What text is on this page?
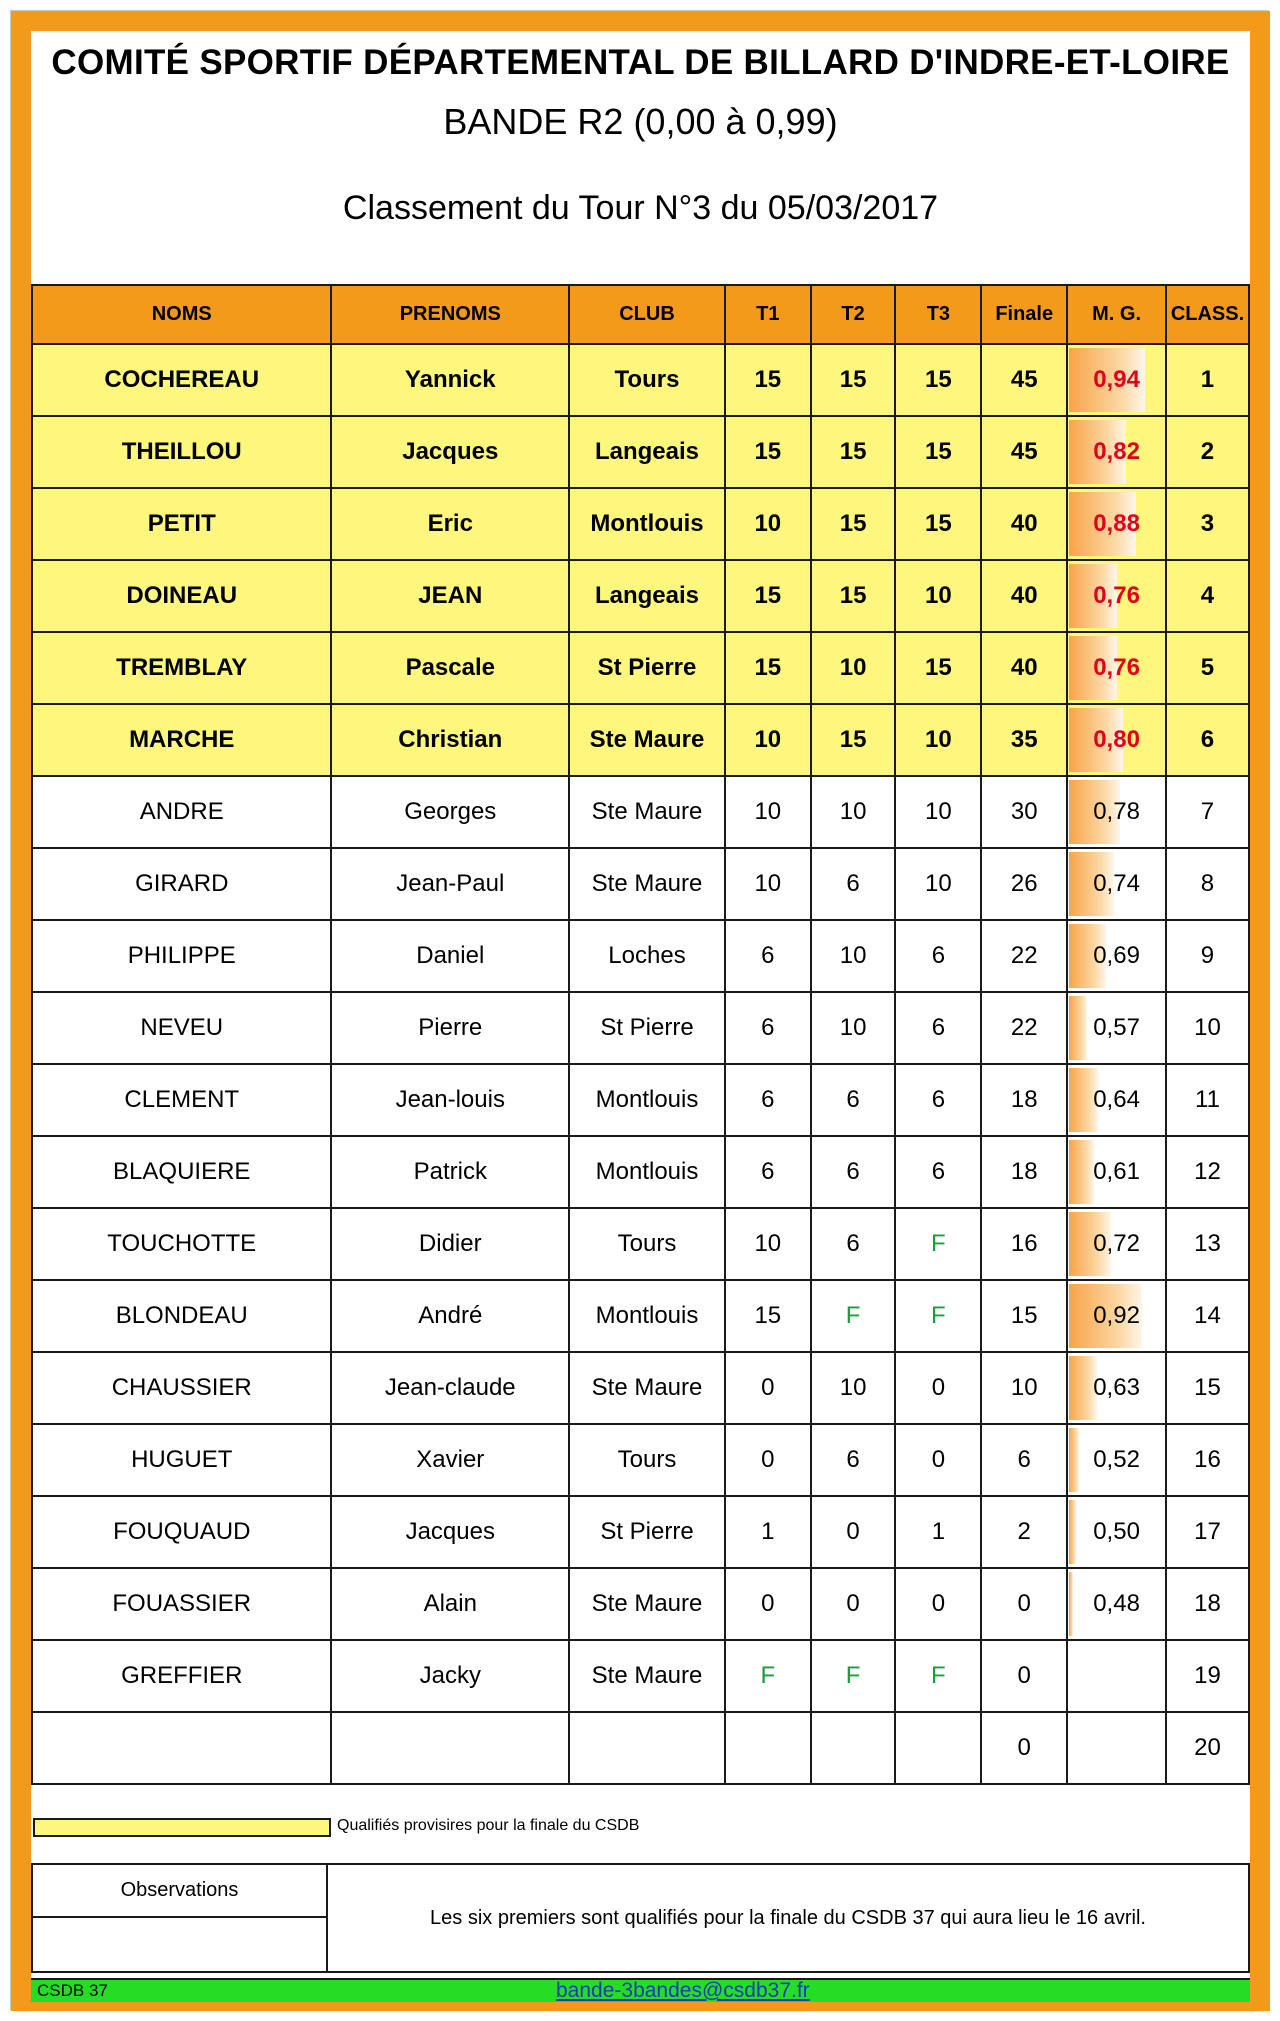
COMITÉ SPORTIF DÉPARTEMENTAL DE BILLARD D'INDRE-ET-LOIRE
BANDE R2 (0,00 à 0,99)
Classement du Tour N°3 du 05/03/2017
NOMS	PRENOMS	CLUB	T1	T2	T3	Finale	M. G.	CLASS.
COCHEREAU	Yannick	Tours	15	15	15	45	0,94	1
THEILLOU	Jacques	Langeais	15	15	15	45	0,82	2
PETIT	Eric	Montlouis	10	15	15	40	0,88	3
DOINEAU	JEAN	Langeais	15	15	10	40	0,76	4
TREMBLAY	Pascale	St Pierre	15	10	15	40	0,76	5
MARCHE	Christian	Ste Maure	10	15	10	35	0,80	6
ANDRE	Georges	Ste Maure	10	10	10	30	0,78	7
GIRARD	Jean-Paul	Ste Maure	10	6	10	26	0,74	8
PHILIPPE	Daniel	Loches	6	10	6	22	0,69	9
NEVEU	Pierre	St Pierre	6	10	6	22	0,57	10
CLEMENT	Jean-louis	Montlouis	6	6	6	18	0,64	11
BLAQUIERE	Patrick	Montlouis	6	6	6	18	0,61	12
TOUCHOTTE	Didier	Tours	10	6	F	16	0,72	13
BLONDEAU	André	Montlouis	15	F	F	15	0,92	14
CHAUSSIER	Jean-claude	Ste Maure	0	10	0	10	0,63	15
HUGUET	Xavier	Tours	0	6	0	6	0,52	16
FOUQUAUD	Jacques	St Pierre	1	0	1	2	0,50	17
FOUASSIER	Alain	Ste Maure	0	0	0	0	0,48	18
GREFFIER	Jacky	Ste Maure	F	F	F	0		19
						0		20
Qualifiés provisires pour la finale du CSDB
Observations
Les six premiers sont qualifiés pour la finale du CSDB 37 qui aura lieu le 16 avril.
CSDB 37	bande-3bandes@csdb37.fr
